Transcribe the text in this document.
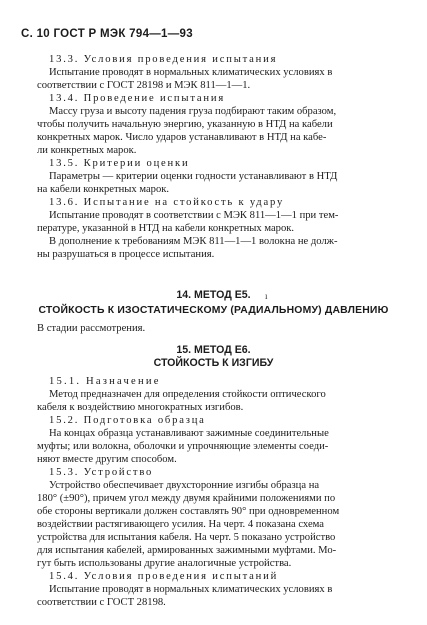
С. 10 ГОСТ Р МЭК 794—1—93
13.3. Условия проведения испытания
Испытание проводят в нормальных климатических условиях в
соответствии с ГОСТ 28198 и МЭК 811—1—1.
13.4. Проведение испытания
Массу груза и высоту падения груза подбирают таким образом,
чтобы получить начальную энергию, указанную в НТД на кабели
конкретных марок. Число ударов устанавливают в НТД на кабе-
ли конкретных марок.
13.5. Критерии оценки
Параметры — критерии оценки годности устанавливают в НТД
на кабели конкретных марок.
13.6. Испытание на стойкость к удару
Испытание проводят в соответствии с МЭК 811—1—1 при тем-
пературе, указанной в НТД на кабели конкретных марок.
В дополнение к требованиям МЭК 811—1—1 волокна не долж-
ны разрушаться в процессе испытания.
14. МЕТОД Е5.	ı
СТОЙКОСТЬ К ИЗОСТАТИЧЕСКОМУ (РАДИАЛЬНОМУ) ДАВЛЕНИЮ
В стадии рассмотрения.
15. МЕТОД Е6.
СТОЙКОСТЬ К ИЗГИБУ
15.1. Назначение
Метод предназначен для определения стойкости оптического
кабеля к воздействию многократных изгибов.
15.2. Подготовка образца
На концах образца устанавливают зажимные соединительные
муфты; или волокна, оболочки и упрочняющие элементы соеди-
няют вместе другим способом.
15.3. Устройство
Устройство обеспечивает двухсторонние изгибы образца на
180° (±90°), причем угол между двумя крайними положениями по
обе стороны вертикали должен составлять 90° при одновременном
воздействии растягивающего усилия. На черт. 4 показана схема
устройства для испытания кабеля. На черт. 5 показано устройство
для испытания кабелей, армированных зажимными муфтами. Мо-
гут быть использованы другие аналогичные устройства.
15.4. Условия проведения испытаний
Испытание проводят в нормальных климатических условиях в
соответствии с ГОСТ 28198.
